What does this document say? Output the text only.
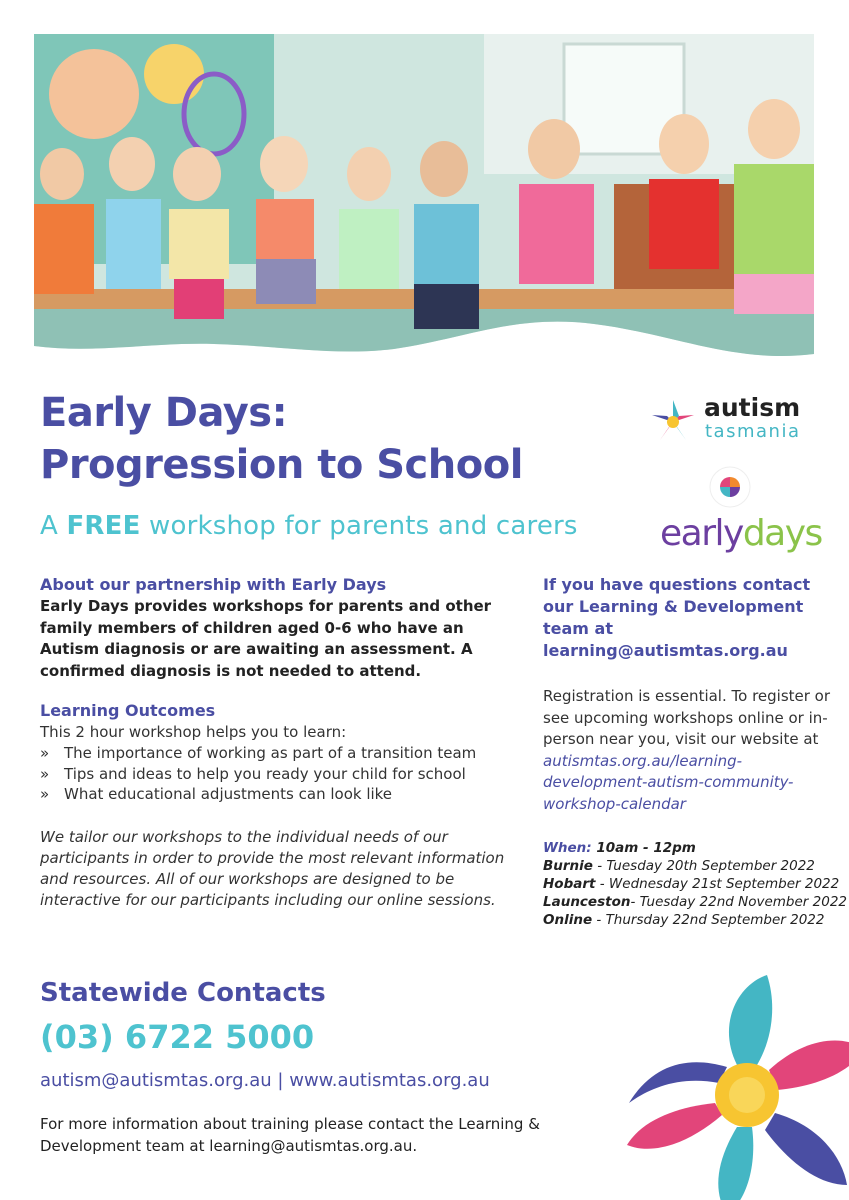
Early Days:
Progression to School
A FREE workshop for parents and carers
autism
tasmania
earlydays
About our partnership with Early Days

Early Days provides workshops for parents and other family members of children aged 0-6 who have an Autism diagnosis or are awaiting an assessment. A confirmed diagnosis is not needed to attend.

Learning Outcomes

This 2 hour workshop helps you to learn:

» The importance of working as part of a transition team
» Tips and ideas to help you ready your child for school
» What educational adjustments can look like

We tailor our workshops to the individual needs of our participants in order to provide the most relevant information and resources. All of our workshops are designed to be interactive for our participants including our online sessions.

If you have questions contact our Learning & Development team at learning@autismtas.org.au
Registration is essential. To register or see upcoming workshops online or in-person near you, visit our website at
autismtas.org.au/learning-development-autism-community-workshop-calendar
When: 10am - 12pm
Burnie - Tuesday 20th September 2022
Hobart - Wednesday 21st September 2022
Launceston- Tuesday 22nd November 2022
Online - Thursday 22nd September 2022
Statewide Contacts

(03) 6722 5000

autism@autismtas.org.au | www.autismtas.org.au

For more information about training please contact the Learning & Development team at learning@autismtas.org.au.
